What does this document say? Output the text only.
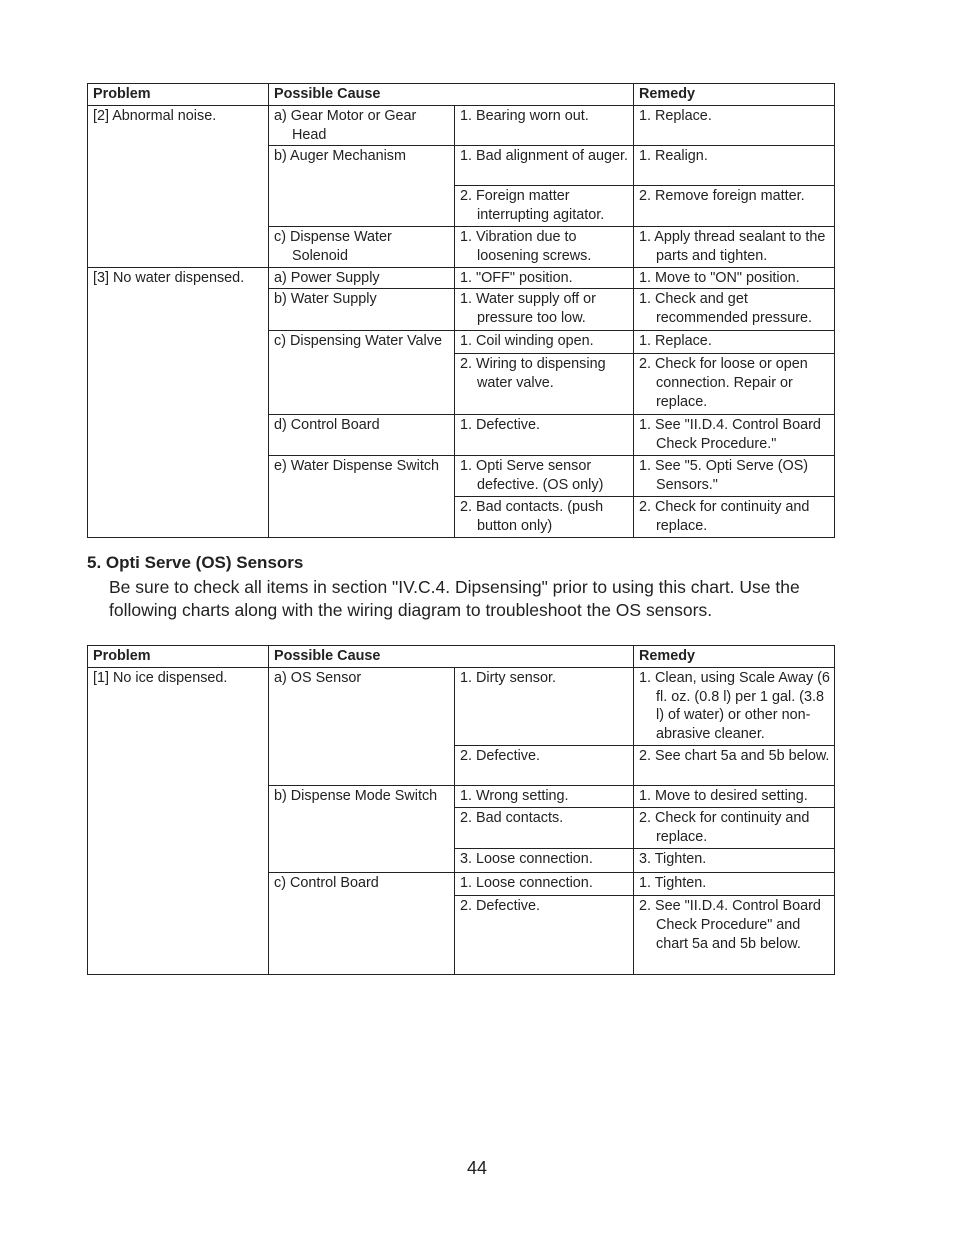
Problem	Possible Cause		Remedy
[2] Abnormal noise.	a) Gear Motor or Gear Head	1. Bearing worn out.	1. Replace.

	b) Auger Mechanism	1. Bad alignment of auger.	1. Realign.

		2. Foreign matter interrupting agitator.	2. Remove foreign matter.

	c) Dispense Water Solenoid	1. Vibration due to loosening screws.	1. Apply thread sealant to the parts and tighten.

[3] No water dispensed.	a) Power Supply	1. "OFF" position.	1. Move to "ON" position.

	b) Water Supply	1. Water supply off or pressure too low.	1. Check and get recommended pressure.

	c) Dispensing Water Valve	1. Coil winding open.	1. Replace.

		2. Wiring to dispensing water valve.	2. Check for loose or open connection. Repair or replace.

	d) Control Board	1. Defective.	1. See "II.D.4. Control Board Check Procedure."

	e) Water Dispense Switch	1. Opti Serve sensor defective. (OS only)	1. See "5. Opti Serve (OS) Sensors."

		2. Bad contacts. (push button only)	2. Check for continuity and replace.
5. Opti Serve (OS) Sensors
Be sure to check all items in section "IV.C.4. Dipsensing" prior to using this chart. Use the following charts along with the wiring diagram to troubleshoot the OS sensors.
Problem	Possible Cause		Remedy
[1] No ice dispensed.	a) OS Sensor	1. Dirty sensor.	1. Clean, using Scale Away (6 fl. oz. (0.8 l) per 1 gal. (3.8 l) of water) or other non-abrasive cleaner.

		2. Defective.	2. See chart 5a and 5b below.

	b) Dispense Mode Switch	1. Wrong setting.	1. Move to desired setting.

		2. Bad contacts.	2. Check for continuity and replace.

		3. Loose connection.	3. Tighten.

	c) Control Board	1. Loose connection.	1. Tighten.

		2. Defective.	2. See "II.D.4. Control Board Check Procedure" and chart 5a and 5b below.
44
